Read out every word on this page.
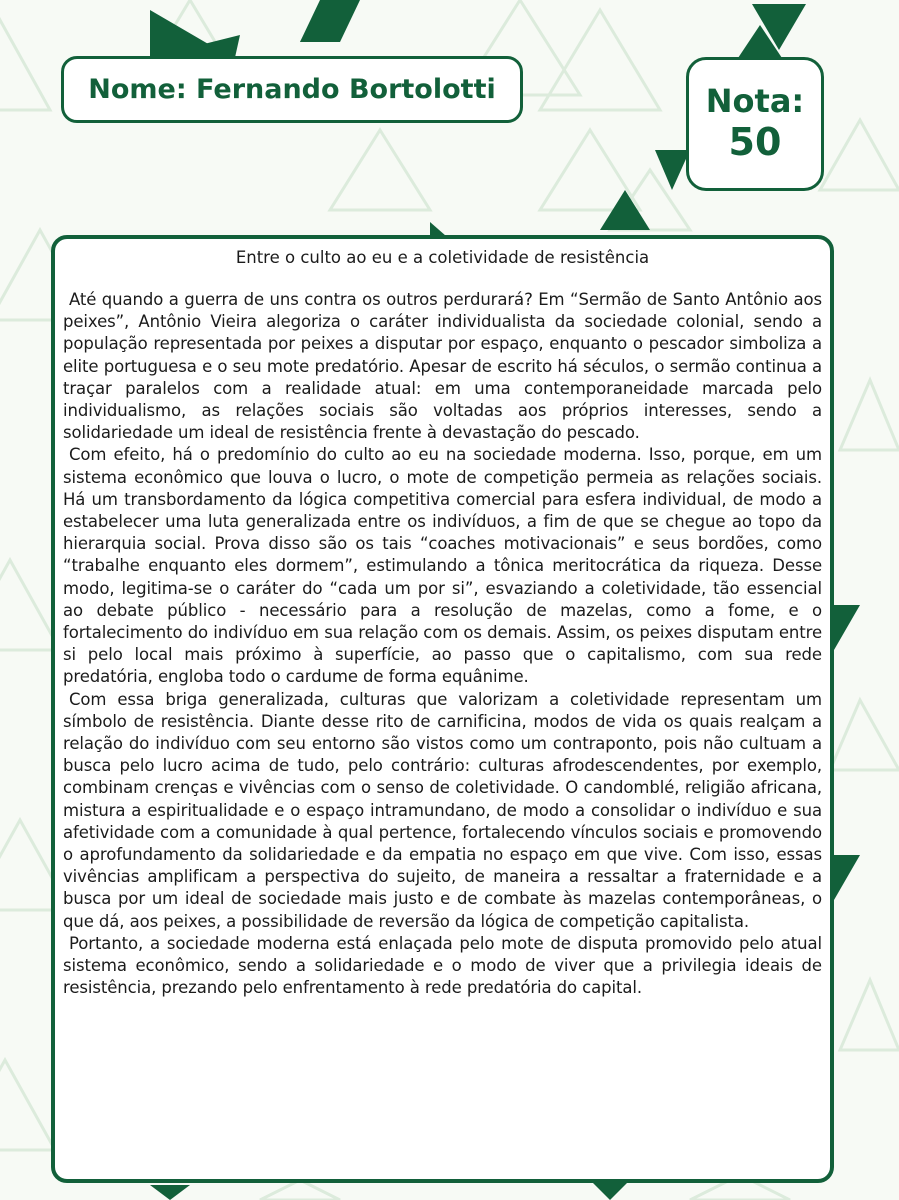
Nome: Fernando Bortolotti	Nota:
50
Entre o culto ao eu e a coletividade de resistência

Até quando a guerra de uns contra os outros perdurará? Em “Sermão de Santo Antônio aos peixes”, Antônio Vieira alegoriza o caráter individualista da sociedade colonial, sendo a população representada por peixes a disputar por espaço, enquanto o pescador simboliza a elite portuguesa e o seu mote predatório. Apesar de escrito há séculos, o sermão continua a traçar paralelos com a realidade atual: em uma contemporaneidade marcada pelo individualismo, as relações sociais são voltadas aos próprios interesses, sendo a solidariedade um ideal de resistência frente à devastação do pescado.

Com efeito, há o predomínio do culto ao eu na sociedade moderna. Isso, porque, em um sistema econômico que louva o lucro, o mote de competição permeia as relações sociais. Há um transbordamento da lógica competitiva comercial para esfera individual, de modo a estabelecer uma luta generalizada entre os indivíduos, a fim de que se chegue ao topo da hierarquia social. Prova disso são os tais “coaches motivacionais” e seus bordões, como “trabalhe enquanto eles dormem”, estimulando a tônica meritocrática da riqueza. Desse modo, legitima-se o caráter do “cada um por si”, esvaziando a coletividade, tão essencial ao debate público - necessário para a resolução de mazelas, como a fome, e o fortalecimento do indivíduo em sua relação com os demais. Assim, os peixes disputam entre si pelo local mais próximo à superfície, ao passo que o capitalismo, com sua rede predatória, engloba todo o cardume de forma equânime.

Com essa briga generalizada, culturas que valorizam a coletividade representam um símbolo de resistência. Diante desse rito de carnificina, modos de vida os quais realçam a relação do indivíduo com seu entorno são vistos como um contraponto, pois não cultuam a busca pelo lucro acima de tudo, pelo contrário: culturas afrodescendentes, por exemplo, combinam crenças e vivências com o senso de coletividade. O candomblé, religião africana, mistura a espiritualidade e o espaço intramundano, de modo a consolidar o indivíduo e sua afetividade com a comunidade à qual pertence, fortalecendo vínculos sociais e promovendo o aprofundamento da solidariedade e da empatia no espaço em que vive. Com isso, essas vivências amplificam a perspectiva do sujeito, de maneira a ressaltar a fraternidade e a busca por um ideal de sociedade mais justo e de combate às mazelas contemporâneas, o que dá, aos peixes, a possibilidade de reversão da lógica de competição capitalista.

Portanto, a sociedade moderna está enlaçada pelo mote de disputa promovido pelo atual sistema econômico, sendo a solidariedade e o modo de viver que a privilegia ideais de resistência, prezando pelo enfrentamento à rede predatória do capital.
